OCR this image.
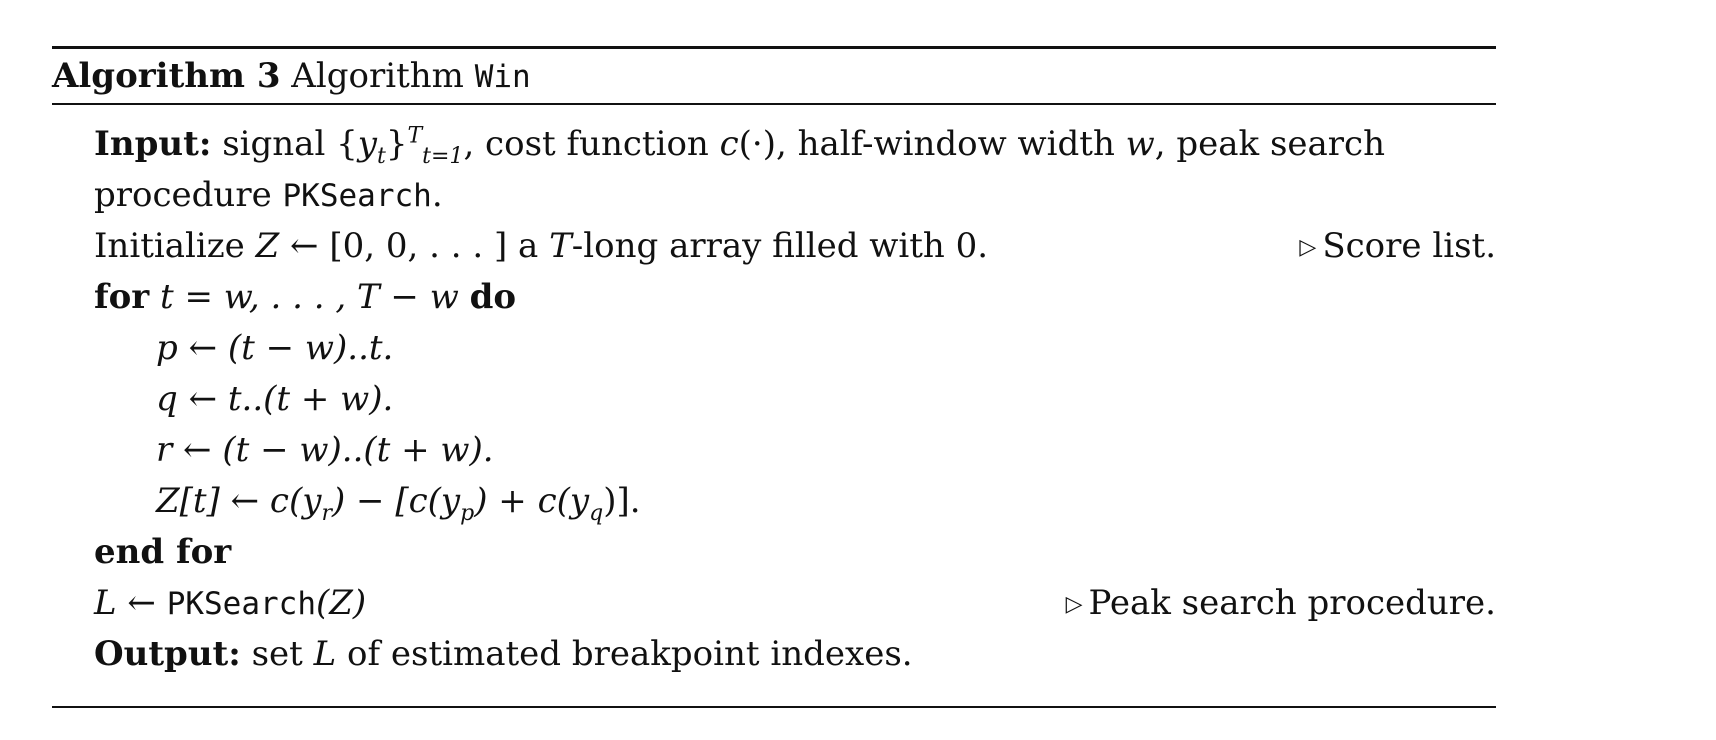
Algorithm 3 Algorithm Win
Input: signal $\{y_t\}^T_{t=1}$, cost function c(·), half-window width w, peak search
procedure PKSearch.
Initialize Z ← [0, 0, . . . ] a T-long array filled with 0.	▷ Score list.
for t = w, . . . , T − w do
p ← (t − w)..t.
q ← t..(t + w).
r ← (t − w)..(t + w).
Z[t] ← $c(y_r) - [c(y_p) + c(y_q)]$.
end for
L ← PKSearch(Z)	▷ Peak search procedure.
Output: set L of estimated breakpoint indexes.
